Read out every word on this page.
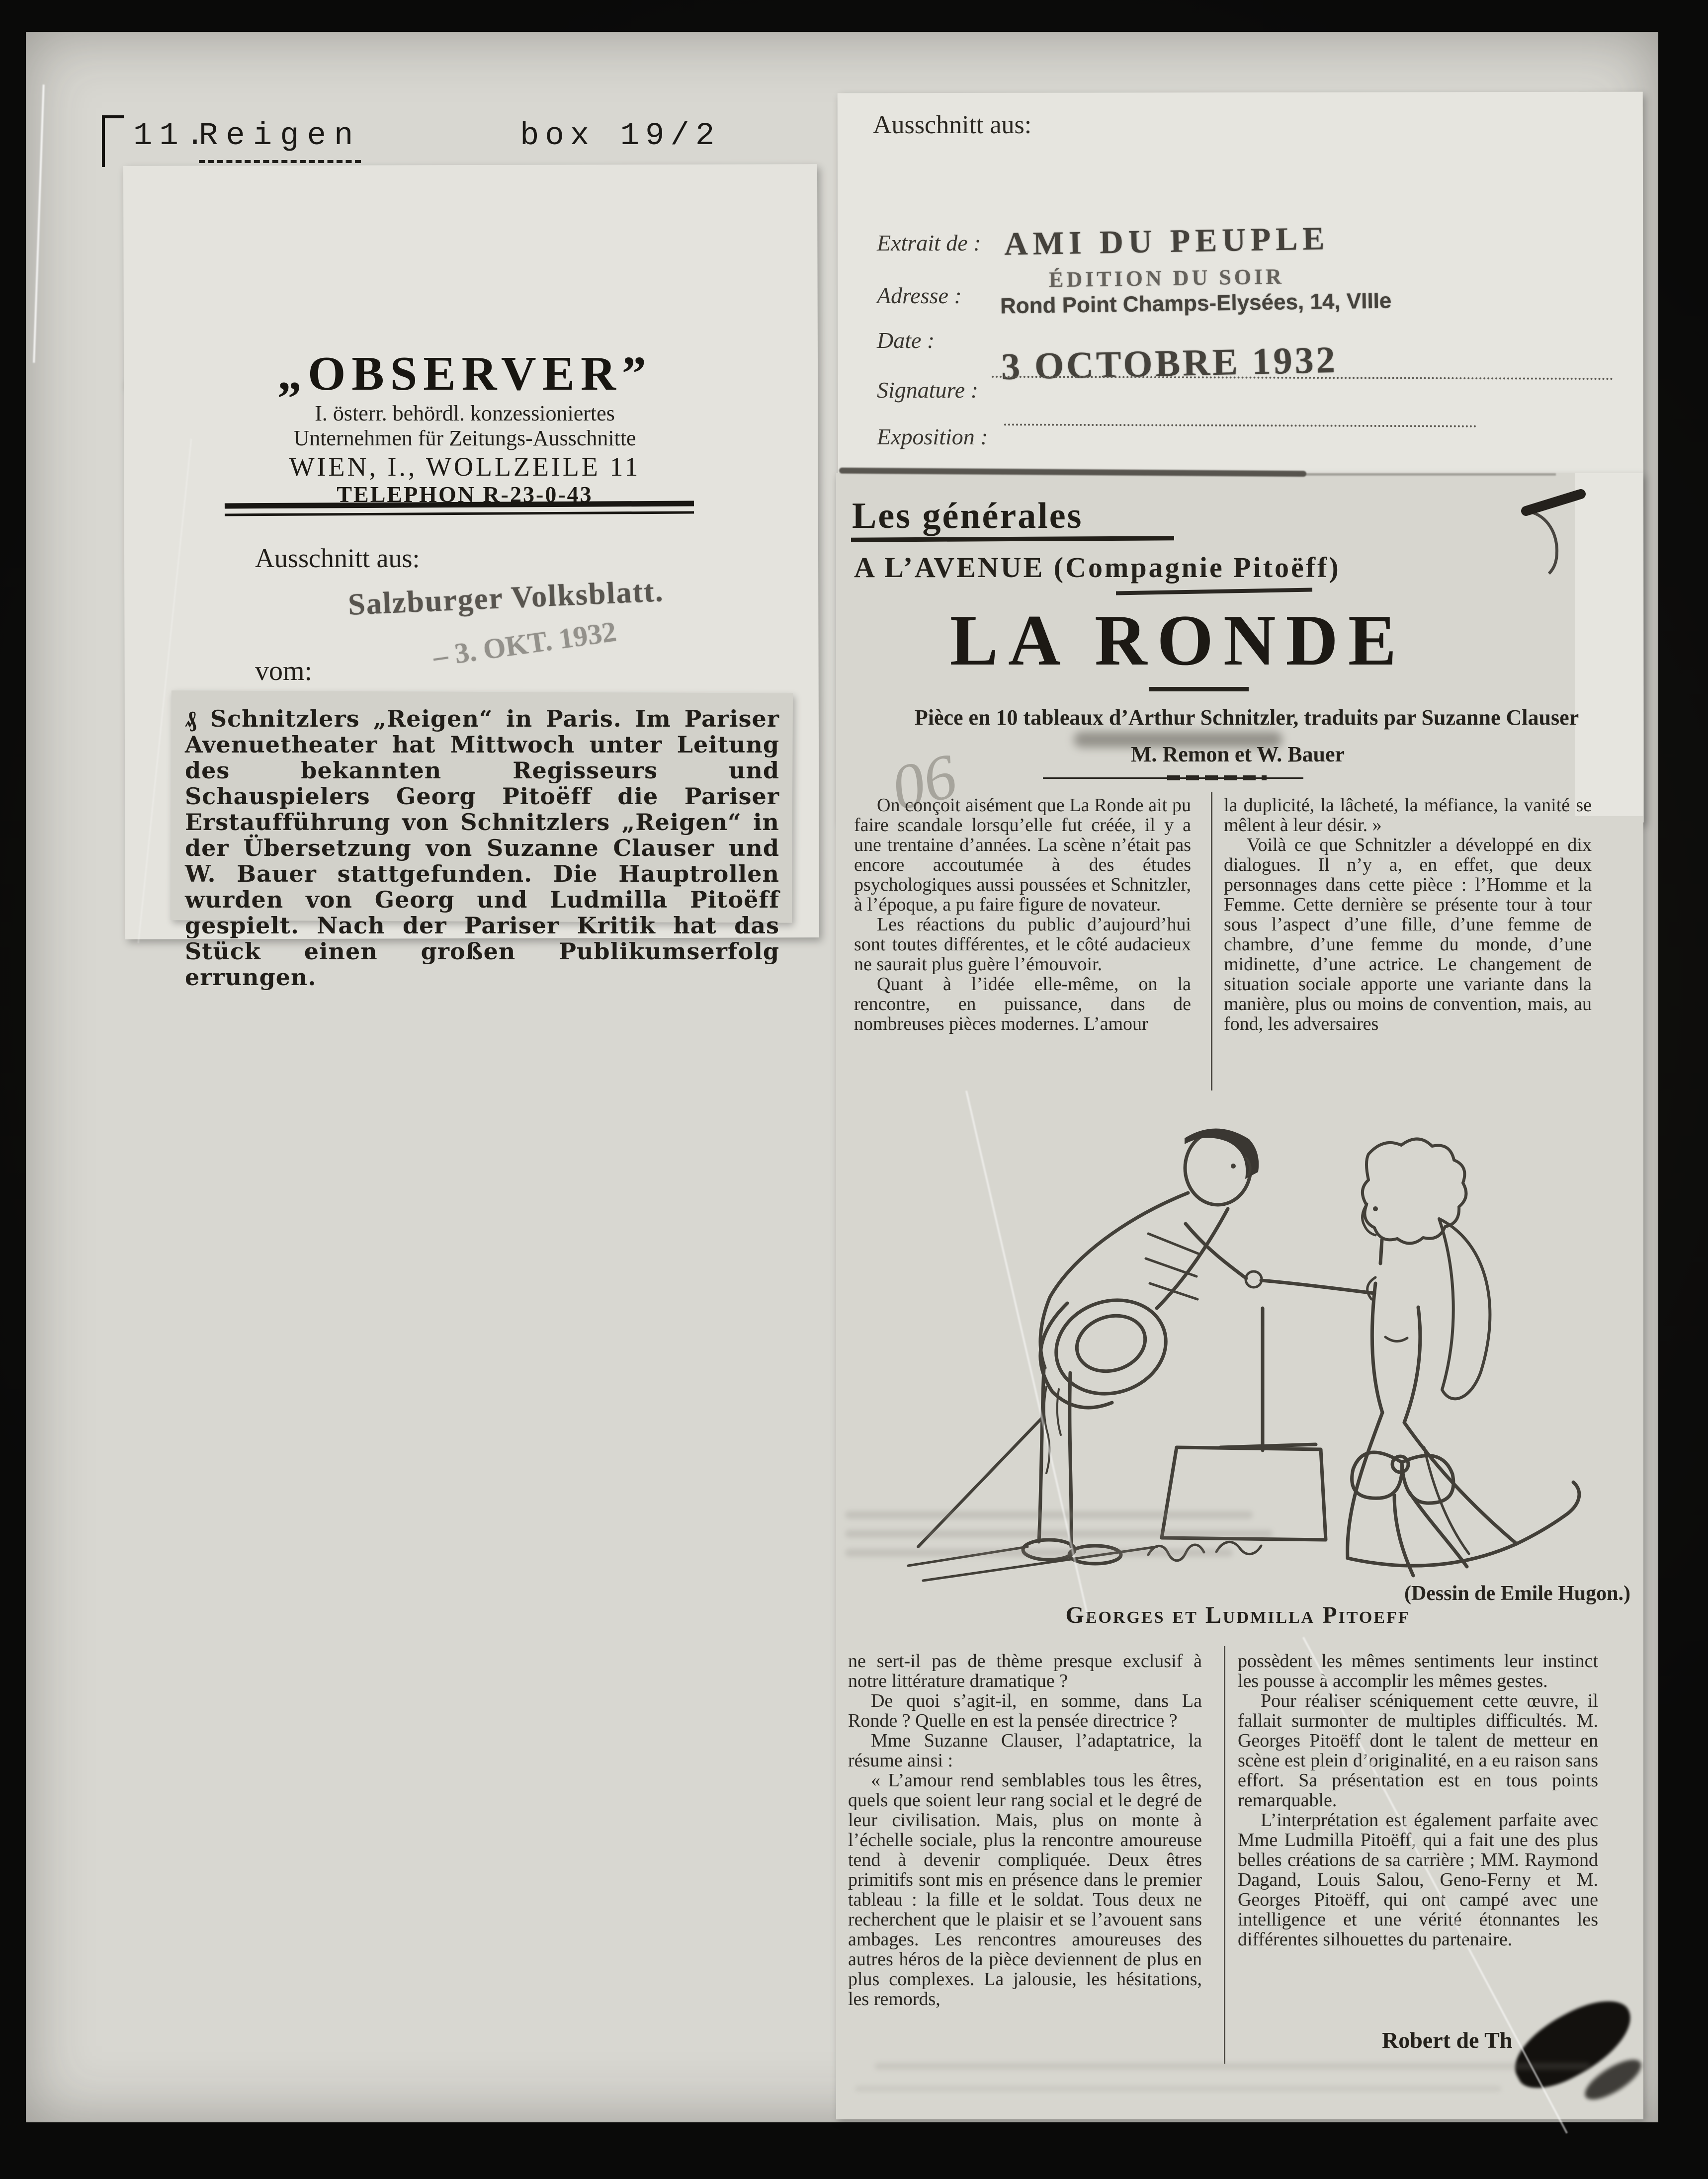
11.
Reigen	box 19/2
„OBSERVER”
I. österr. behördl. konzessioniertes
Unternehmen für Zeitungs-Ausschnitte
WIEN, I., WOLLZEILE 11
TELEPHON R-23-0-43
Ausschnitt aus:
Salzburger Volksblatt.
vom:	– 3. OKT. 1932
₰ Schnitzlers „Reigen“ in Paris. Im Pariser Avenuetheater hat Mittwoch unter Leitung des bekannten Regisseurs und Schauspielers Georg Pitoëff die Pariser Erstaufführung von Schnitzlers „Reigen“ in der Übersetzung von Suzanne Clauser und W. Bauer stattgefunden. Die Hauptrollen wurden von Georg und Ludmilla Pitoëff gespielt. Nach der Pariser Kritik hat das Stück einen großen Publikumserfolg errungen.
Ausschnitt aus:
Extrait de : AMI DU PEUPLE
ÉDITION DU SOIR
Adresse : Rond Point Champs-Elysées, 14, VIIIe
Date : 3 OCTOBRE 1932
Signature :
Exposition :
Les générales
A L’AVENUE (Compagnie Pitoëff)
LA RONDE
Pièce en 10 tableaux d’Arthur Schnitzler, traduits par Suzanne Clauser
M. Remon et W. Bauer
06

On conçoit aisément que La Ronde ait pu faire scandale lorsqu’elle fut créée, il y a une trentaine d’années. La scène n’était pas encore accoutumée à des études psychologiques aussi poussées et Schnitzler, à l’époque, a pu faire figure de novateur.

Les réactions du public d’aujourd’hui sont toutes différentes, et le côté audacieux ne saurait plus guère l’émouvoir.

Quant à l’idée elle-même, on la rencontre, en puissance, dans de nombreuses pièces modernes. L’amour

la duplicité, la lâcheté, la méfiance, la vanité se mêlent à leur désir. »

Voilà ce que Schnitzler a développé en dix dialogues. Il n’y a, en effet, que deux personnages dans cette pièce : l’Homme et la Femme. Cette dernière se présente tour à tour sous l’aspect d’une fille, d’une femme de chambre, d’une femme du monde, d’une midinette, d’une actrice. Le changement de situation sociale apporte une variante dans la manière, plus ou moins de convention, mais, au fond, les adversaires

(Dessin de Emile Hugon.)
Georges et Ludmilla Pitoeff

ne sert-il pas de thème presque exclusif à notre littérature dramatique ?

De quoi s’agit-il, en somme, dans La Ronde ? Quelle en est la pensée directrice ?

Mme Suzanne Clauser, l’adaptatrice, la résume ainsi :

« L’amour rend semblables tous les êtres, quels que soient leur rang social et le degré de leur civilisation. Mais, plus on monte à l’échelle sociale, plus la rencontre amoureuse tend à devenir compliquée. Deux êtres primitifs sont mis en présence dans le premier tableau : la fille et le soldat. Tous deux ne recherchent que le plaisir et se l’avouent sans ambages. Les rencontres amoureuses des autres héros de la pièce deviennent de plus en plus complexes. La jalousie, les hésitations, les remords,

possèdent les mêmes sentiments leur instinct les pousse à accomplir les mêmes gestes.

Pour réaliser scéniquement cette œuvre, il fallait surmonter de multiples difficultés. M. Georges Pitoëff dont le talent de metteur en scène est plein d’originalité, en a eu raison sans effort. Sa présentation est en tous points remarquable.

L’interprétation est également parfaite avec Mme Ludmilla Pitoëff, qui a fait une des plus belles créations de sa carrière ; MM. Raymond Dagand, Louis Salou, Geno-Ferny et M. Georges Pitoëff, qui ont campé avec une intelligence et une vérité étonnantes les différentes silhouettes du partenaire.

Robert de Th
